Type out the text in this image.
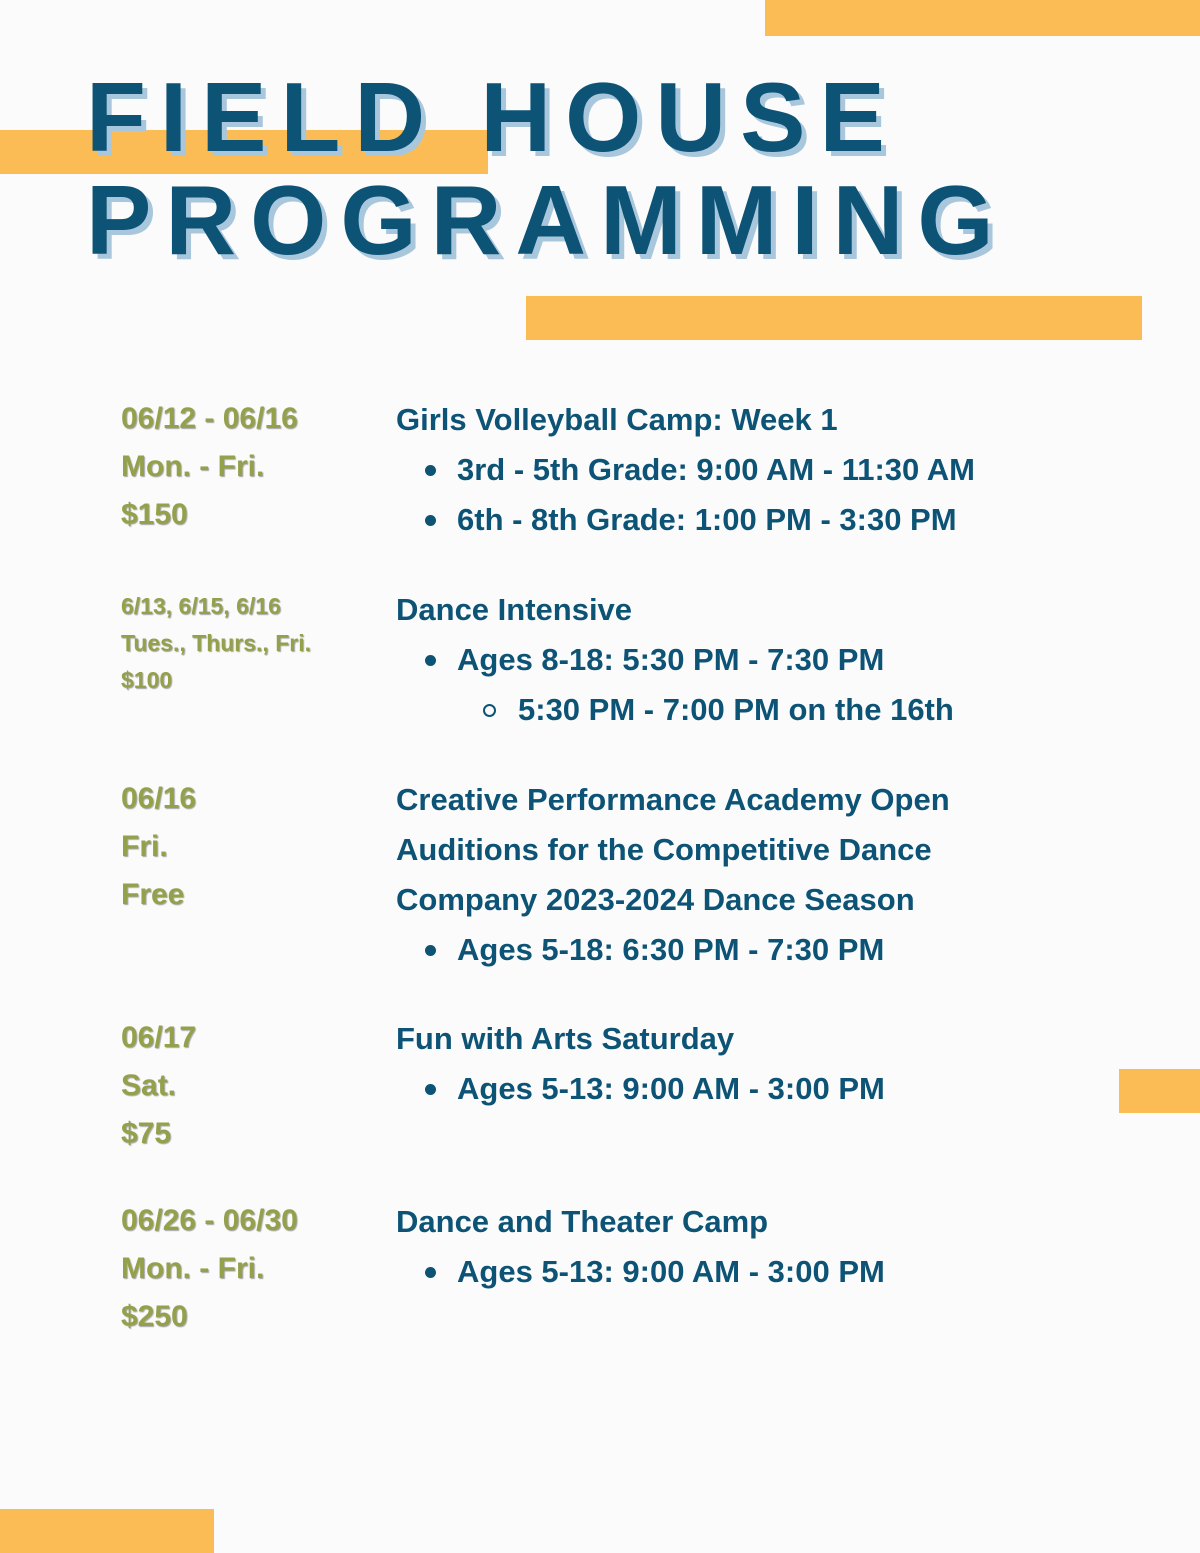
FIELD HOUSE
PROGRAMMING
06/12 - 06/16
Mon. - Fri.
$150
Girls Volleyball Camp: Week 1
3rd - 5th Grade: 9:00 AM - 11:30 AM
6th - 8th Grade: 1:00 PM - 3:30 PM
6/13, 6/15, 6/16
Tues., Thurs., Fri.
$100
Dance Intensive
Ages 8-18: 5:30 PM - 7:30 PM
5:30 PM - 7:00 PM on the 16th
06/16
Fri.
Free
Creative Performance Academy Open
Auditions for the Competitive Dance
Company 2023-2024 Dance Season
Ages 5-18: 6:30 PM - 7:30 PM
06/17
Sat.
$75
Fun with Arts Saturday
Ages 5-13: 9:00 AM - 3:00 PM
06/26 - 06/30
Mon. - Fri.
$250
Dance and Theater Camp
Ages 5-13: 9:00 AM - 3:00 PM
